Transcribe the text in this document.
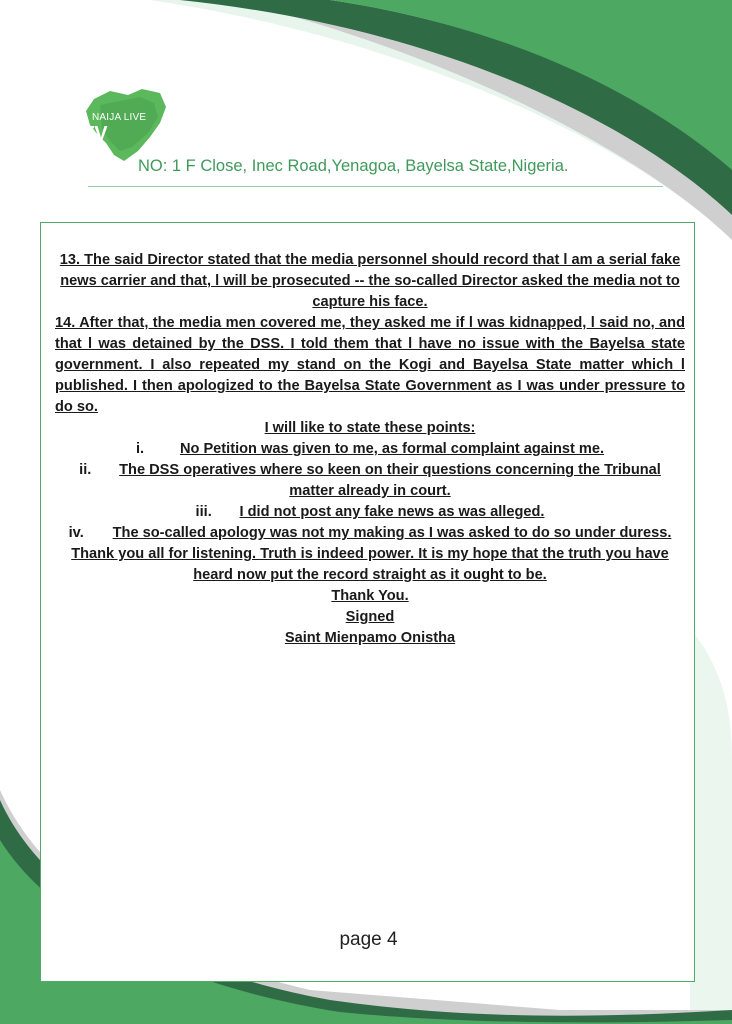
NAIJA LIVE
TV
NO: 1 F Close, Inec Road,Yenagoa, Bayelsa State,Nigeria.

13. The said Director stated that the media personnel should record that l am a serial fake news carrier and that, l will be prosecuted -- the so-called Director asked the media not to capture his face.

14. After that, the media men covered me, they asked me if l was kidnapped, l said no, and that l was detained by the DSS. I told them that l have no issue with the Bayelsa state government. I also repeated my stand on the Kogi and Bayelsa State matter which l published. I then apologized to the Bayelsa State Government as I was under pressure to do so.

I will like to state these points:

i. No Petition was given to me, as formal complaint against me.

ii. The DSS operatives where so keen on their questions concerning the Tribunal matter already in court.

iii. I did not post any fake news as was alleged.

iv. The so-called apology was not my making as I was asked to do so under duress.

Thank you all for listening. Truth is indeed power. It is my hope that the truth you have heard now put the record straight as it ought to be.

Thank You.

Signed

Saint Mienpamo Onistha

page 4
